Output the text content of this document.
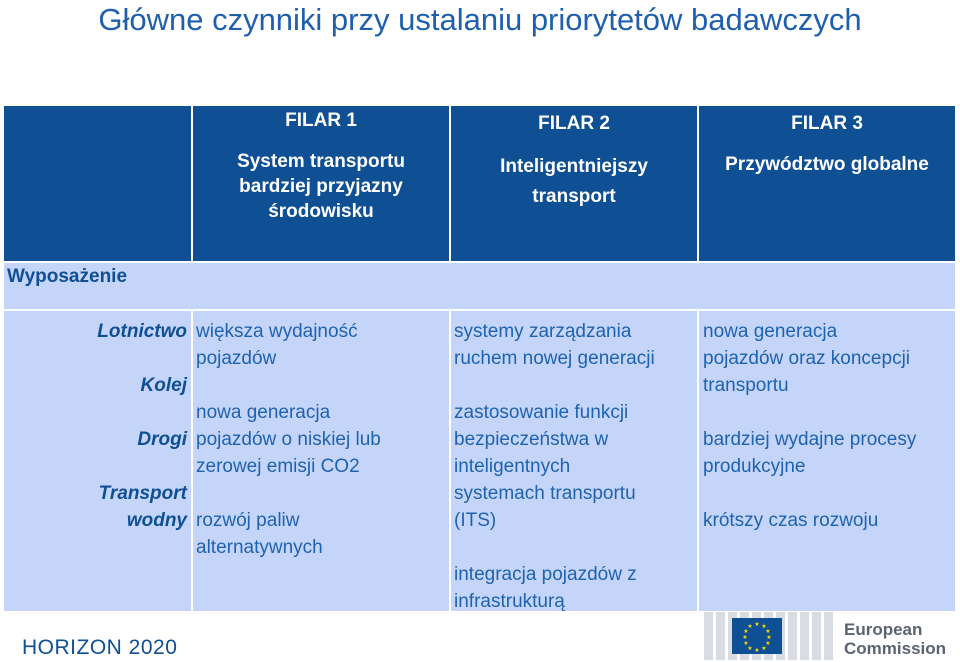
Główne czynniki przy ustalaniu priorytetów badawczych
FILAR 1
System transportu
bardziej przyjazny
środowisku
FILAR 2
Inteligentniejszy
transport
FILAR 3
Przywództwo globalne
Wyposażenie
Lotnictwo
Kolej
Drogi
Transport
wodny
większa wydajność
pojazdów
nowa generacja
pojazdów o niskiej lub
zerowej emisji CO2
rozwój paliw
alternatywnych
systemy zarządzania
ruchem nowej generacji
zastosowanie funkcji
bezpieczeństwa w
inteligentnych
systemach transportu
(ITS)
integracja pojazdów z
infrastrukturą
nowa generacja
pojazdów oraz koncepcji
transportu
bardziej wydajne procesy
produkcyjne
krótszy czas rozwoju
HORIZON 2020
★ ★
★
★
★
★
★
★
★
★
★
★	European
Commission
